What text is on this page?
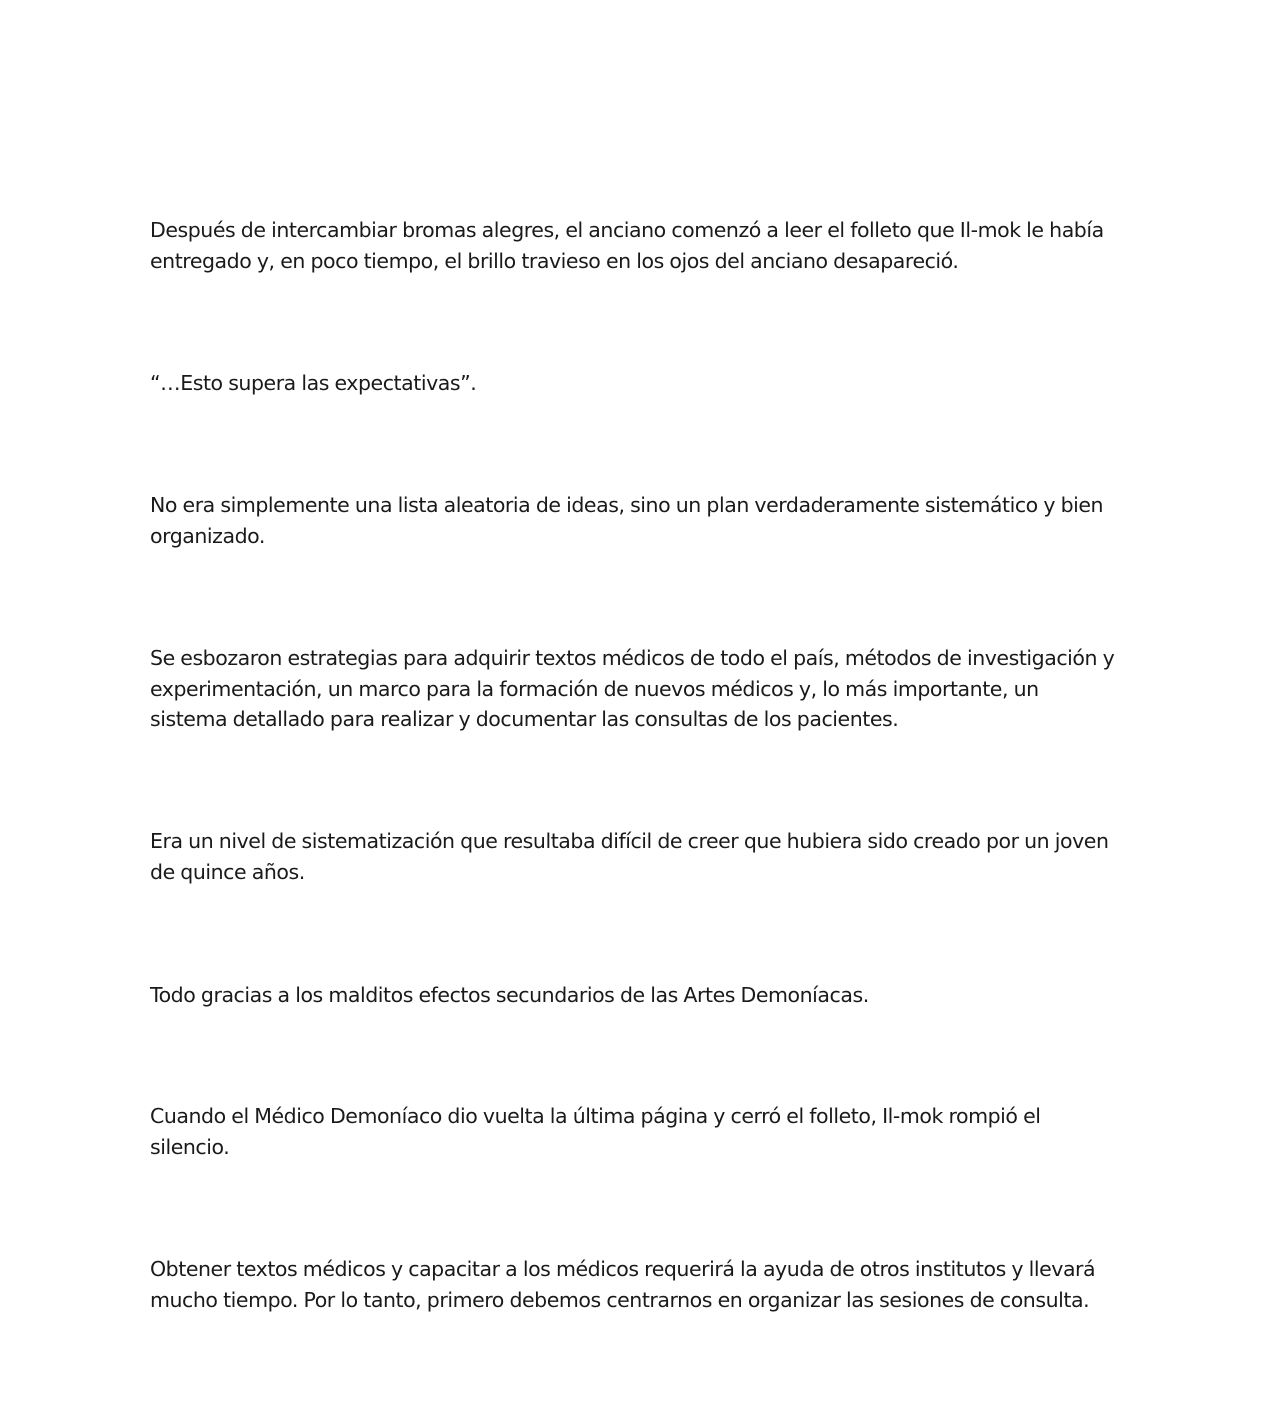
Después de intercambiar bromas alegres, el anciano comenzó a leer el folleto que Il-mok le había entregado y, en poco tiempo, el brillo travieso en los ojos del anciano desapareció.

“…Esto supera las expectativas”.

No era simplemente una lista aleatoria de ideas, sino un plan verdaderamente sistemático y bien organizado.

Se esbozaron estrategias para adquirir textos médicos de todo el país, métodos de investigación y experimentación, un marco para la formación de nuevos médicos y, lo más importante, un sistema detallado para realizar y documentar las consultas de los pacientes.

Era un nivel de sistematización que resultaba difícil de creer que hubiera sido creado por un joven de quince años.

Todo gracias a los malditos efectos secundarios de las Artes Demoníacas.

Cuando el Médico Demoníaco dio vuelta la última página y cerró el folleto, Il-mok rompió el silencio.

Obtener textos médicos y capacitar a los médicos requerirá la ayuda de otros institutos y llevará mucho tiempo. Por lo tanto, primero debemos centrarnos en organizar las sesiones de consulta.
